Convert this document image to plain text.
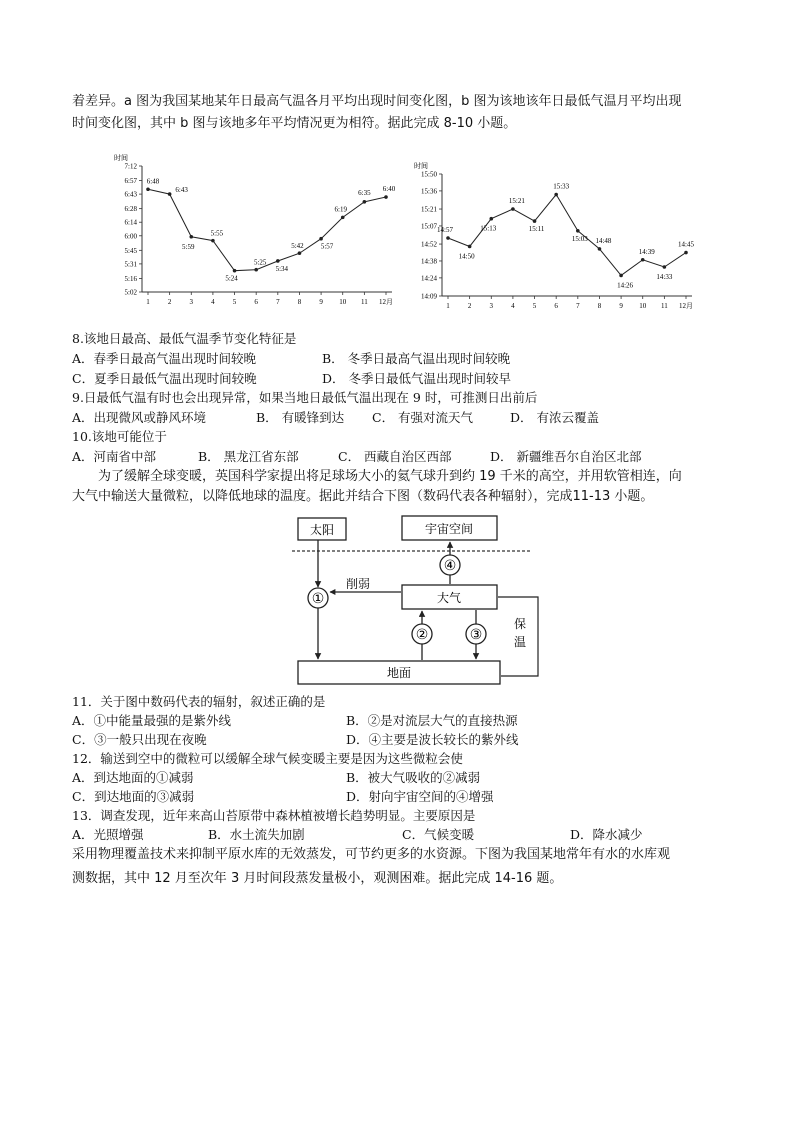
着差异。a 图为我国某地某年日最高气温各月平均出现时间变化图，b 图为该地该年日最低气温月平均出现
时间变化图，其中 b 图与该地多年平均情况更为相符。据此完成 8-10 小题。
时间
7:12
6:57
6:43
6:28
6:14
6:00
5:45
5:31
5:16
5:02
1	2	3	4	5	6	7	8	9 10 11 12月
6:48
6:43
5:59
5:55
5:24
5:25
5:34
5:42 5:57
6:19
6:35 6:40
时间
15:50
15:36
15:21
15:07
14:52
14:38
14:24
14:09
1	2	3	4	5	6	7	8	9 10 11 12月
14:57
14:50
15:13
15:21
15:11
15:33
15:03 14:48
14:26
14:39
14:33
14:45
8.该地日最高、最低气温季节变化特征是
A．春季日最高气温出现时间较晚	B． 冬季日最高气温出现时间较晚
C．夏季日最低气温出现时间较晚	D． 冬季日最低气温出现时间较早
9.日最低气温有时也会出现异常，如果当地日最低气温出现在 9 时，可推测日出前后
A．出现微风或静风环境	B． 有暖锋到达 C． 有强对流天气	D． 有浓云覆盖
10.该地可能位于
A．河南省中部	B． 黑龙江省东部	C． 西藏自治区西部	D． 新疆维吾尔自治区北部
为了缓解全球变暖，英国科学家提出将足球场大小的氦气球升到约 19 千米的高空，并用软管相连，向
大气中输送大量微粒，以降低地球的温度。据此并结合下图（数码代表各种辐射），完成11-13 小题。
①
削弱
②	③
④
保
温
太阳	宇宙空间
大气
地面
11．关于图中数码代表的辐射，叙述正确的是
A．①中能量最强的是紫外线	B．②是对流层大气的直接热源
C．③一般只出现在夜晚	D．④主要是波长较长的紫外线
12．输送到空中的微粒可以缓解全球气候变暖主要是因为这些微粒会使
A．到达地面的①减弱	B．被大气吸收的②减弱
C．到达地面的③减弱	D．射向宇宙空间的④增强
13．调查发现，近年来高山苔原带中森林植被增长趋势明显。主要原因是
A．光照增强	B．水土流失加剧	C．气候变暖	D．降水减少
采用物理覆盖技术来抑制平原水库的无效蒸发，可节约更多的水资源。下图为我国某地常年有水的水库观
测数据，其中 12 月至次年 3 月时间段蒸发量极小，观测困难。据此完成 14-16 题。
